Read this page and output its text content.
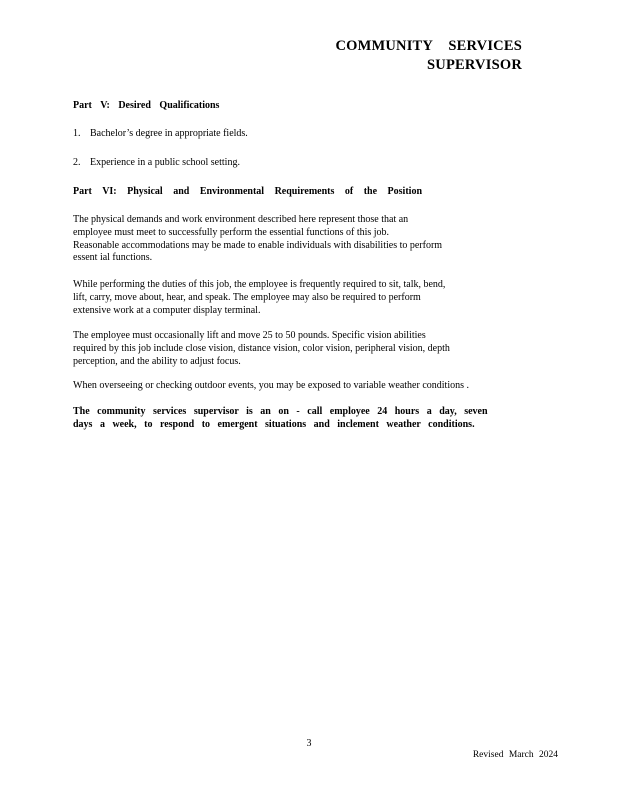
COMMUNITY SERVICES
SUPERVISOR
Part V: Desired Qualifications
1. Bachelor’s degree in appropriate fields.
2. Experience in a public school setting.
Part VI: Physical and Environmental Requirements of the Position
The physical demands and work environment described here represent those that an
employee must meet to successfully perform the essential functions of this job.
Reasonable accommodations may be made to enable individuals with disabilities to perform
essent ial functions.
While performing the duties of this job, the employee is frequently required to sit, talk, bend,
lift, carry, move about, hear, and speak. The employee may also be required to perform
extensive work at a computer display terminal.
The employee must occasionally lift and move 25 to 50 pounds. Specific vision abilities
required by this job include close vision, distance vision, color vision, peripheral vision, depth
perception, and the ability to adjust focus.
When overseeing or checking outdoor events, you may be exposed to variable weather conditions .
The community services supervisor is an on - call employee 24 hours a day, seven
days a week, to respond to emergent situations and inclement weather conditions.
3
Revised March 2024
